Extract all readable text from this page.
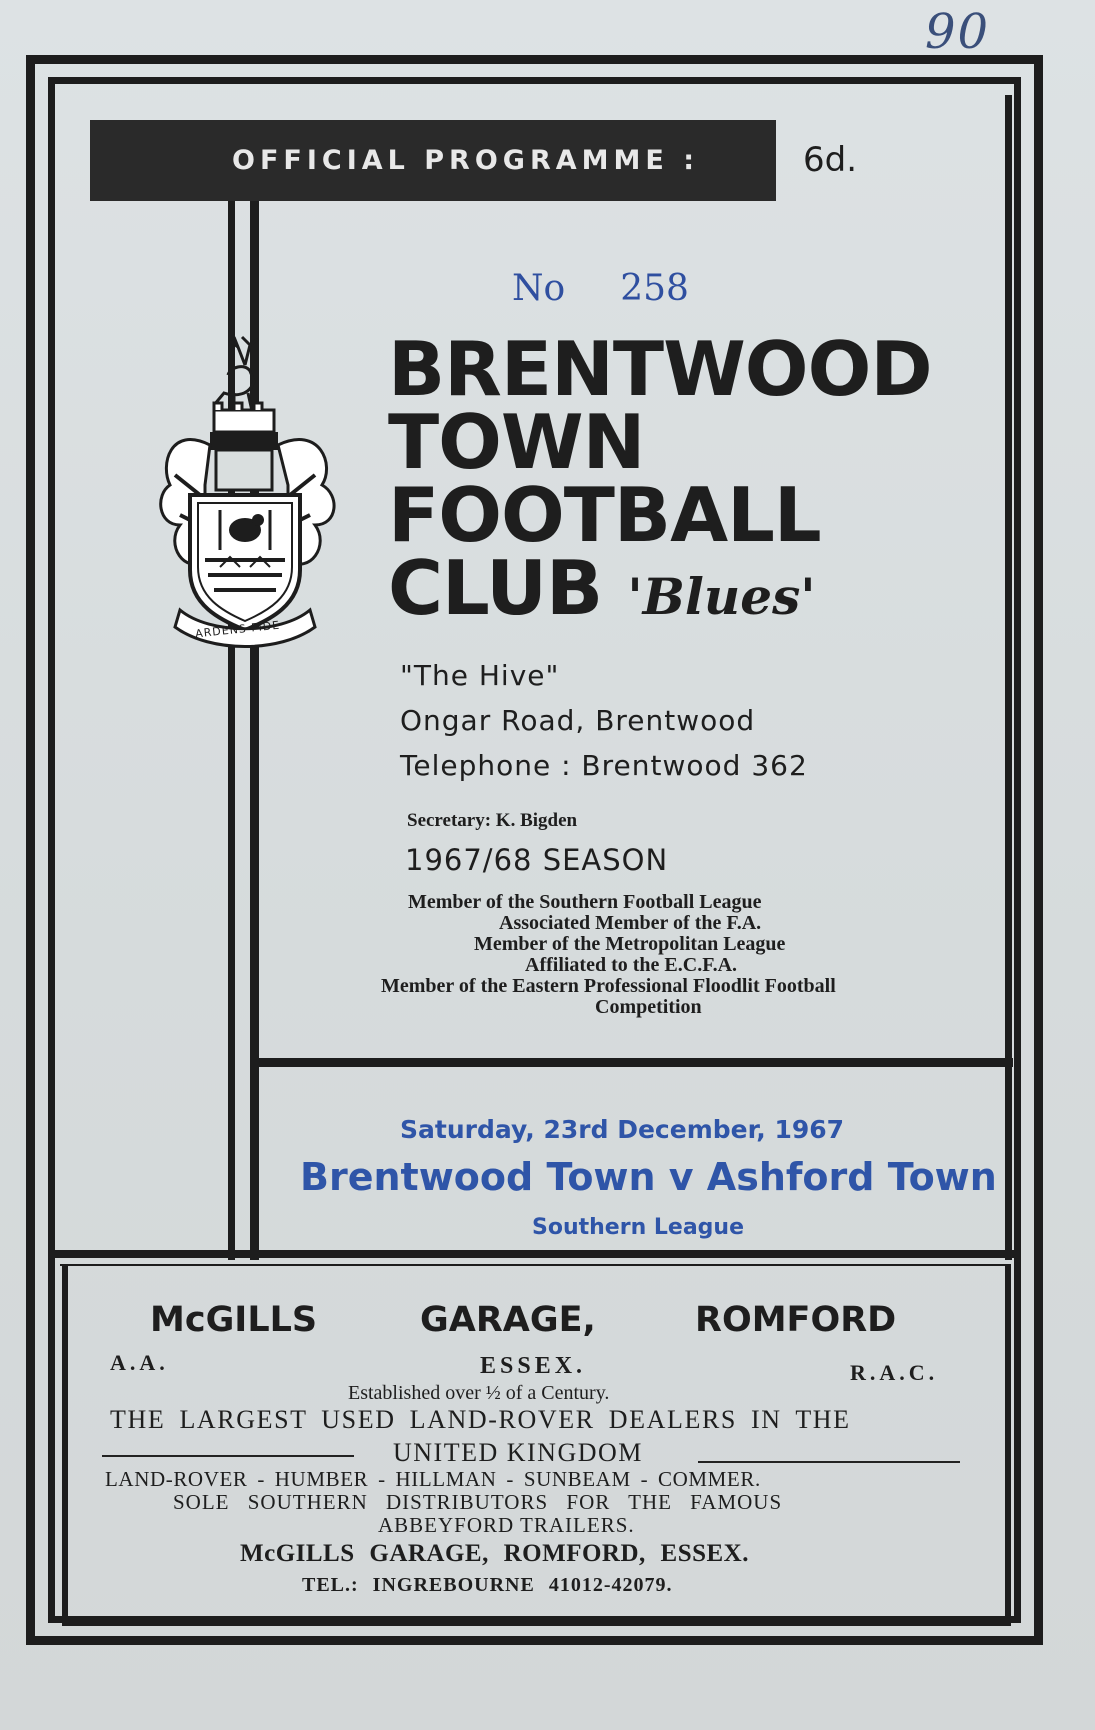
90
OFFICIAL PROGRAMME :	6d.
No 258
ARDENS FIDE
BRENTWOOD
TOWN
FOOTBALL
CLUB 'Blues'
"The Hive"
Ongar Road, Brentwood
Telephone : Brentwood 362
Secretary: K. Bigden
1967/68 SEASON
Member of the Southern Football League
Associated Member of the F.A.
Member of the Metropolitan League
Affiliated to the E.C.F.A.
Member of the Eastern Professional Floodlit Football
Competition
Saturday, 23rd December, 1967
Brentwood Town v Ashford Town
Southern League
McGILLS	GARAGE,	ROMFORD
A.A.	ESSEX.	R.A.C.
Established over ½ of a Century.
THE LARGEST USED LAND-ROVER DEALERS IN THE
UNITED KINGDOM
LAND-ROVER - HUMBER - HILLMAN - SUNBEAM - COMMER.
SOLE SOUTHERN DISTRIBUTORS FOR THE FAMOUS
ABBEYFORD TRAILERS.
McGILLS GARAGE, ROMFORD, ESSEX.
TEL.: INGREBOURNE 41012-42079.
